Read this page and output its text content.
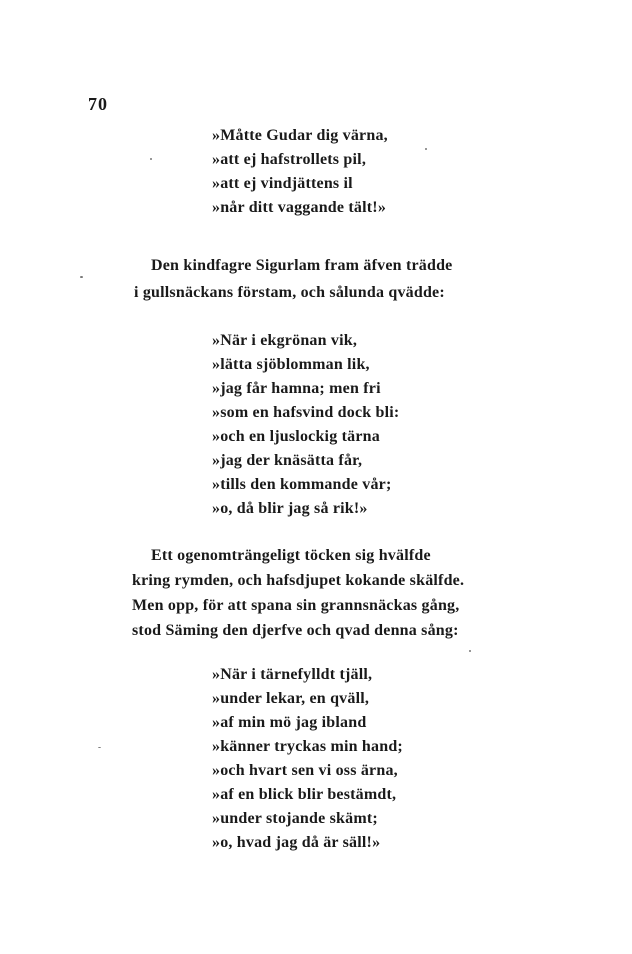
70
»Måtte Gudar dig värna,
»att ej hafstrollets pil,
»att ej vindjättens il
»når ditt vaggande tält!»
Den kindfagre Sigurlam fram äfven trädde
i gullsnäckans förstam, och sålunda qvädde:
»När i ekgrönan vik,
»lätta sjöblomman lik,
»jag får hamna; men fri
»som en hafsvind dock bli:
»och en ljuslockig tärna
»jag der knäsätta får,
»tills den kommande vår;
»o, då blir jag så rik!»
Ett ogenomträngeligt töcken sig hvälfde
kring rymden, och hafsdjupet kokande skälfde.
Men opp, för att spana sin grannsnäckas gång,
stod Säming den djerfve och qvad denna sång:
»När i tärnefylldt tjäll,
»under lekar, en qväll,
»af min mö jag ibland
»känner tryckas min hand;
»och hvart sen vi oss ärna,
»af en blick blir bestämdt,
»under stojande skämt;
»o, hvad jag då är säll!»
